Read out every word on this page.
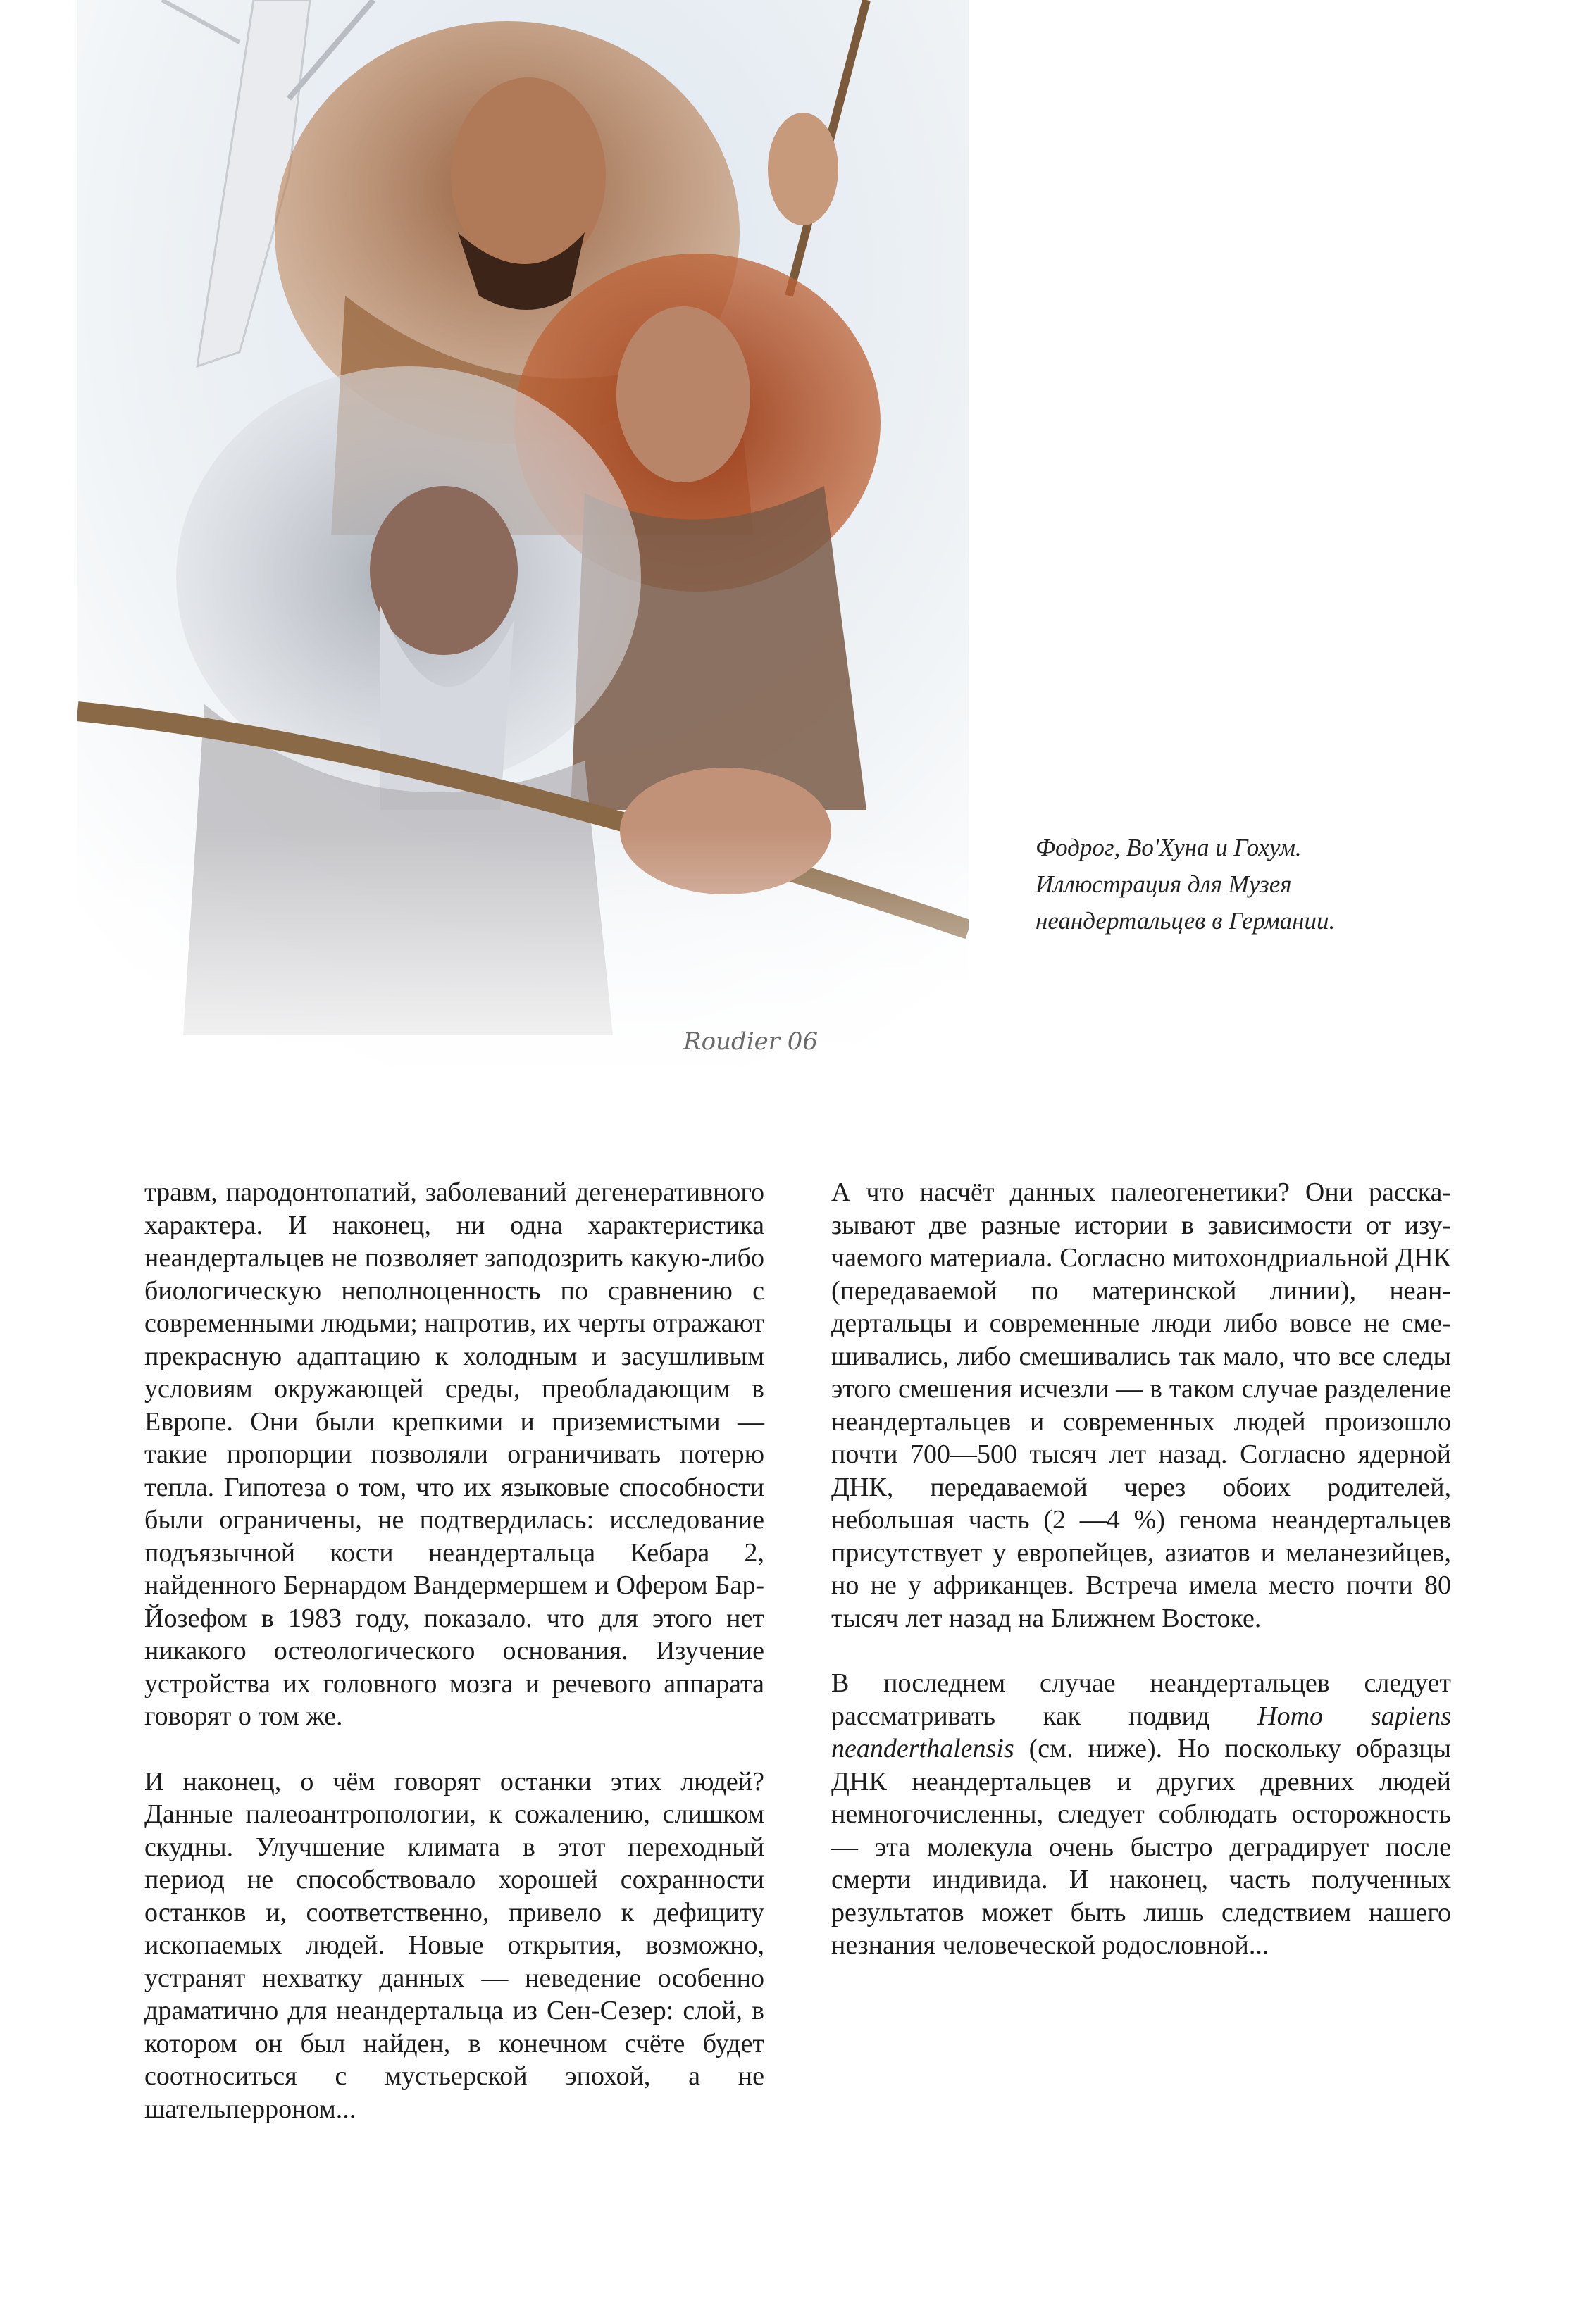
Roudier 06
Фодрог, Во'Хуна и Гохум.
Иллюстрация для Музея
неандертальцев в Германии.

травм, пародонтопатий, заболеваний дегенеративного характера. И наконец, ни одна характеристика неандертальцев не позволяет заподозрить какую-либо биологическую неполноценность по сравнению с современными людьми; напротив, их черты отражают прекрасную адаптацию к холодным и засушливым условиям окружающей среды, преобладающим в Европе. Они были крепкими и приземистыми — такие пропорции позволяли ограничивать потерю тепла. Гипотеза о том, что их языковые способности были ограничены, не подтвердилась: исследование подъязычной кости неандертальца Кебара 2, найденного Бернардом Вандермершем и Офером Бар-Йозефом в 1983 году, показало. что для этого нет никакого остеологического основания. Изучение устройства их головного мозга и речевого аппарата говорят о том же.

И наконец, о чём говорят останки этих людей? Данные палеоантропологии, к сожалению, слишком скудны. Улучшение климата в этот переходный период не способствовало хорошей сохранности останков и, соответственно, привело к дефициту ископаемых людей. Новые открытия, возможно, устранят нехватку данных — неведение особенно драматично для неандертальца из Сен-Сезер: слой, в котором он был найден, в конечном счёте будет соотноситься с мустьерской эпохой, а не шательперроном...

А что насчёт данных палеогенетики? Они рассказывают две разные истории в зависимости от изучаемого материала. Согласно митохондриальной ДНК (передаваемой по материнской линии), неандертальцы и современные люди либо вовсе не смешивались, либо смешивались так мало, что все следы этого смешения исчезли — в таком случае разделение неандертальцев и современных людей произошло почти 700—500 тысяч лет назад. Согласно ядерной ДНК, передаваемой через обоих родителей, небольшая часть (2 —4 %) генома неандертальцев присутствует у европейцев, азиатов и меланезийцев, но не у африканцев. Встреча имела место почти 80 тысяч лет назад на Ближнем Востоке.

В последнем случае неандертальцев следует рассматривать как подвид Homo sapiens neanderthalensis (см. ниже). Но поскольку образцы ДНК неандертальцев и других древних людей немногочисленны, следует соблюдать осторожность — эта молекула очень быстро деградирует после смерти индивида. И наконец, часть полученных результатов может быть лишь следствием нашего незнания человеческой родословной...
